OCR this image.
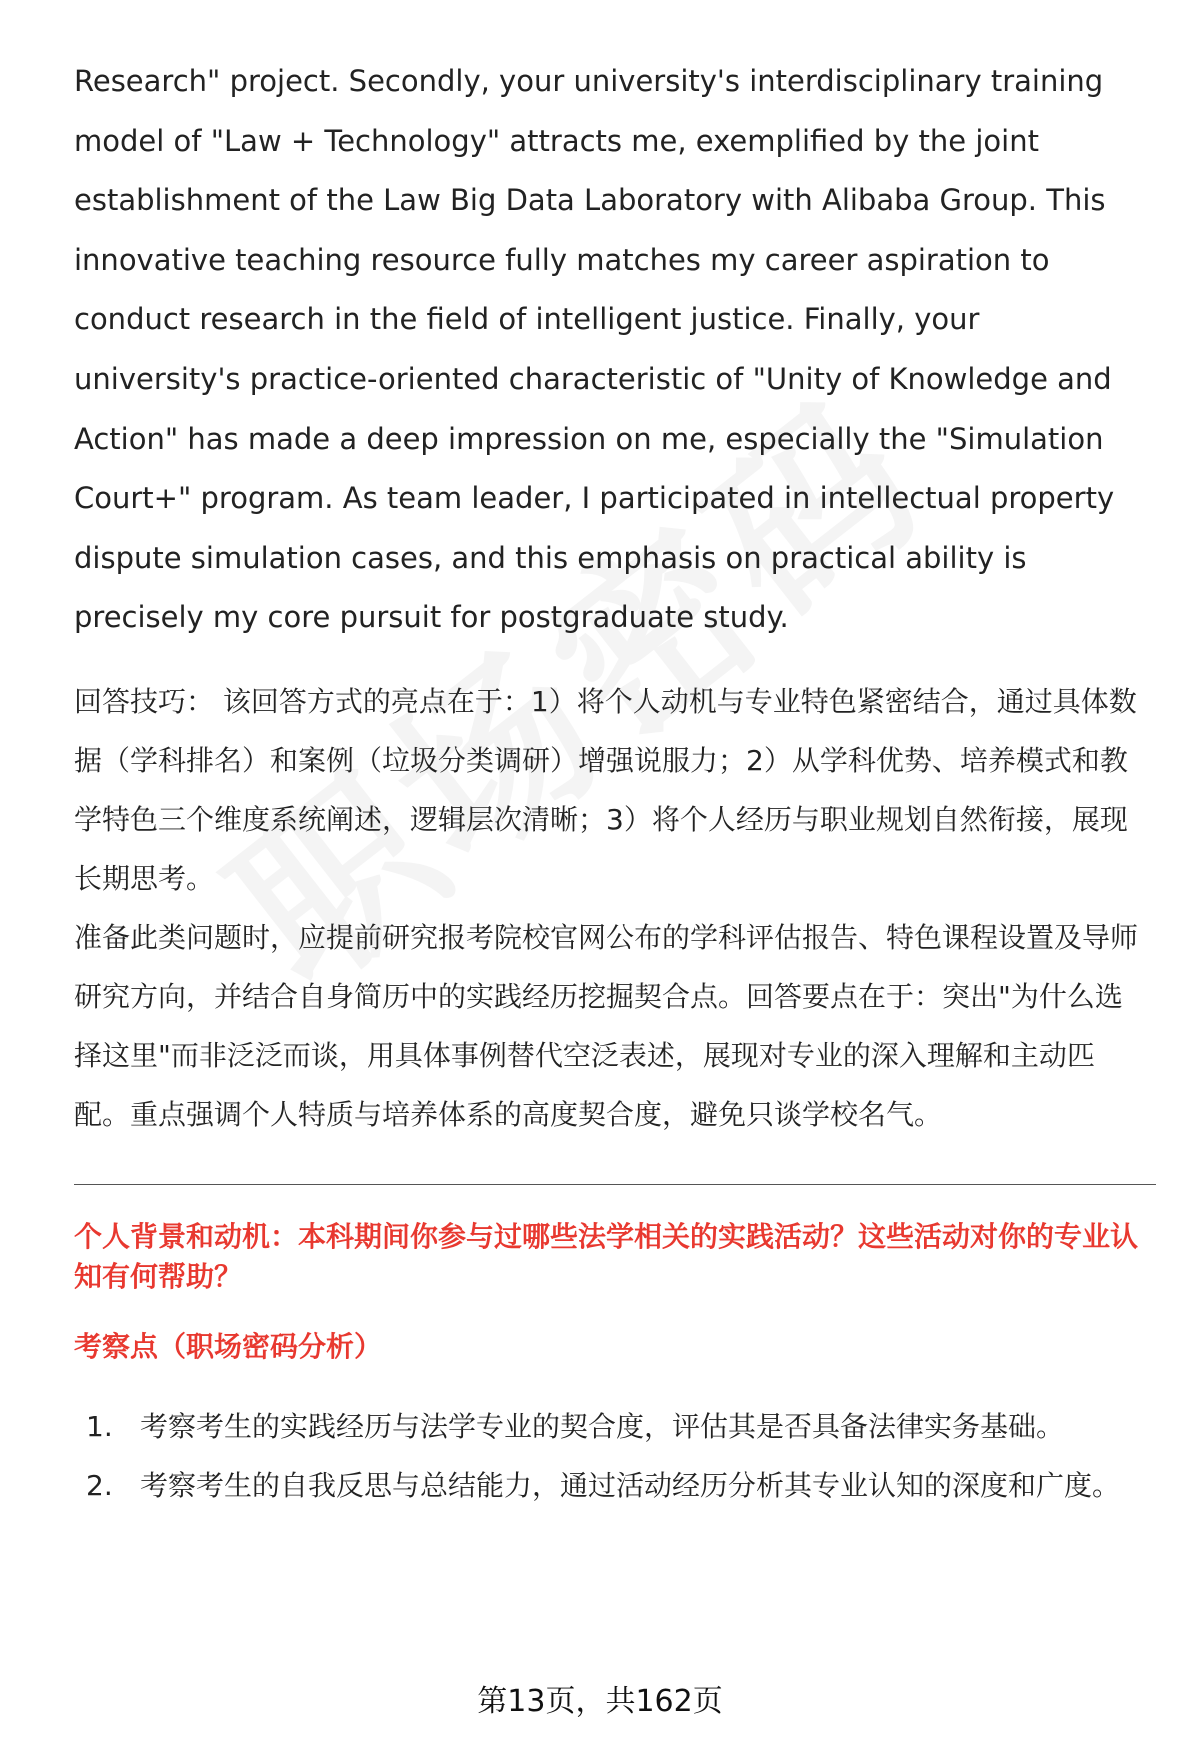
Research" project. Secondly, your university's interdisciplinary training model of "Law + Technology" attracts me, exemplified by the joint establishment of the Law Big Data Laboratory with Alibaba Group. This innovative teaching resource fully matches my career aspiration to conduct research in the field of intelligent justice. Finally, your university's practice-oriented characteristic of "Unity of Knowledge and Action" has made a deep impression on me, especially the "Simulation Court+" program. As team leader, I participated in intellectual property dispute simulation cases, and this emphasis on practical ability is precisely my core pursuit for postgraduate study.

回答技巧： 该回答方式的亮点在于：1）将个人动机与专业特色紧密结合，通过具体数据（学科排名）和案例（垃圾分类调研）增强说服力；2）从学科优势、培养模式和教学特色三个维度系统阐述，逻辑层次清晰；3）将个人经历与职业规划自然衔接，展现长期思考。

准备此类问题时，应提前研究报考院校官网公布的学科评估报告、特色课程设置及导师研究方向，并结合自身简历中的实践经历挖掘契合点。回答要点在于：突出"为什么选择这里"而非泛泛而谈，用具体事例替代空泛表述，展现对专业的深入理解和主动匹配。重点强调个人特质与培养体系的高度契合度，避免只谈学校名气。

个人背景和动机：本科期间你参与过哪些法学相关的实践活动？这些活动对你的专业认知有何帮助？

考察点（职场密码分析）

1. 考察考生的实践经历与法学专业的契合度，评估其是否具备法律实务基础。
2. 考察考生的自我反思与总结能力，通过活动经历分析其专业认知的深度和广度。
第13页，共162页
